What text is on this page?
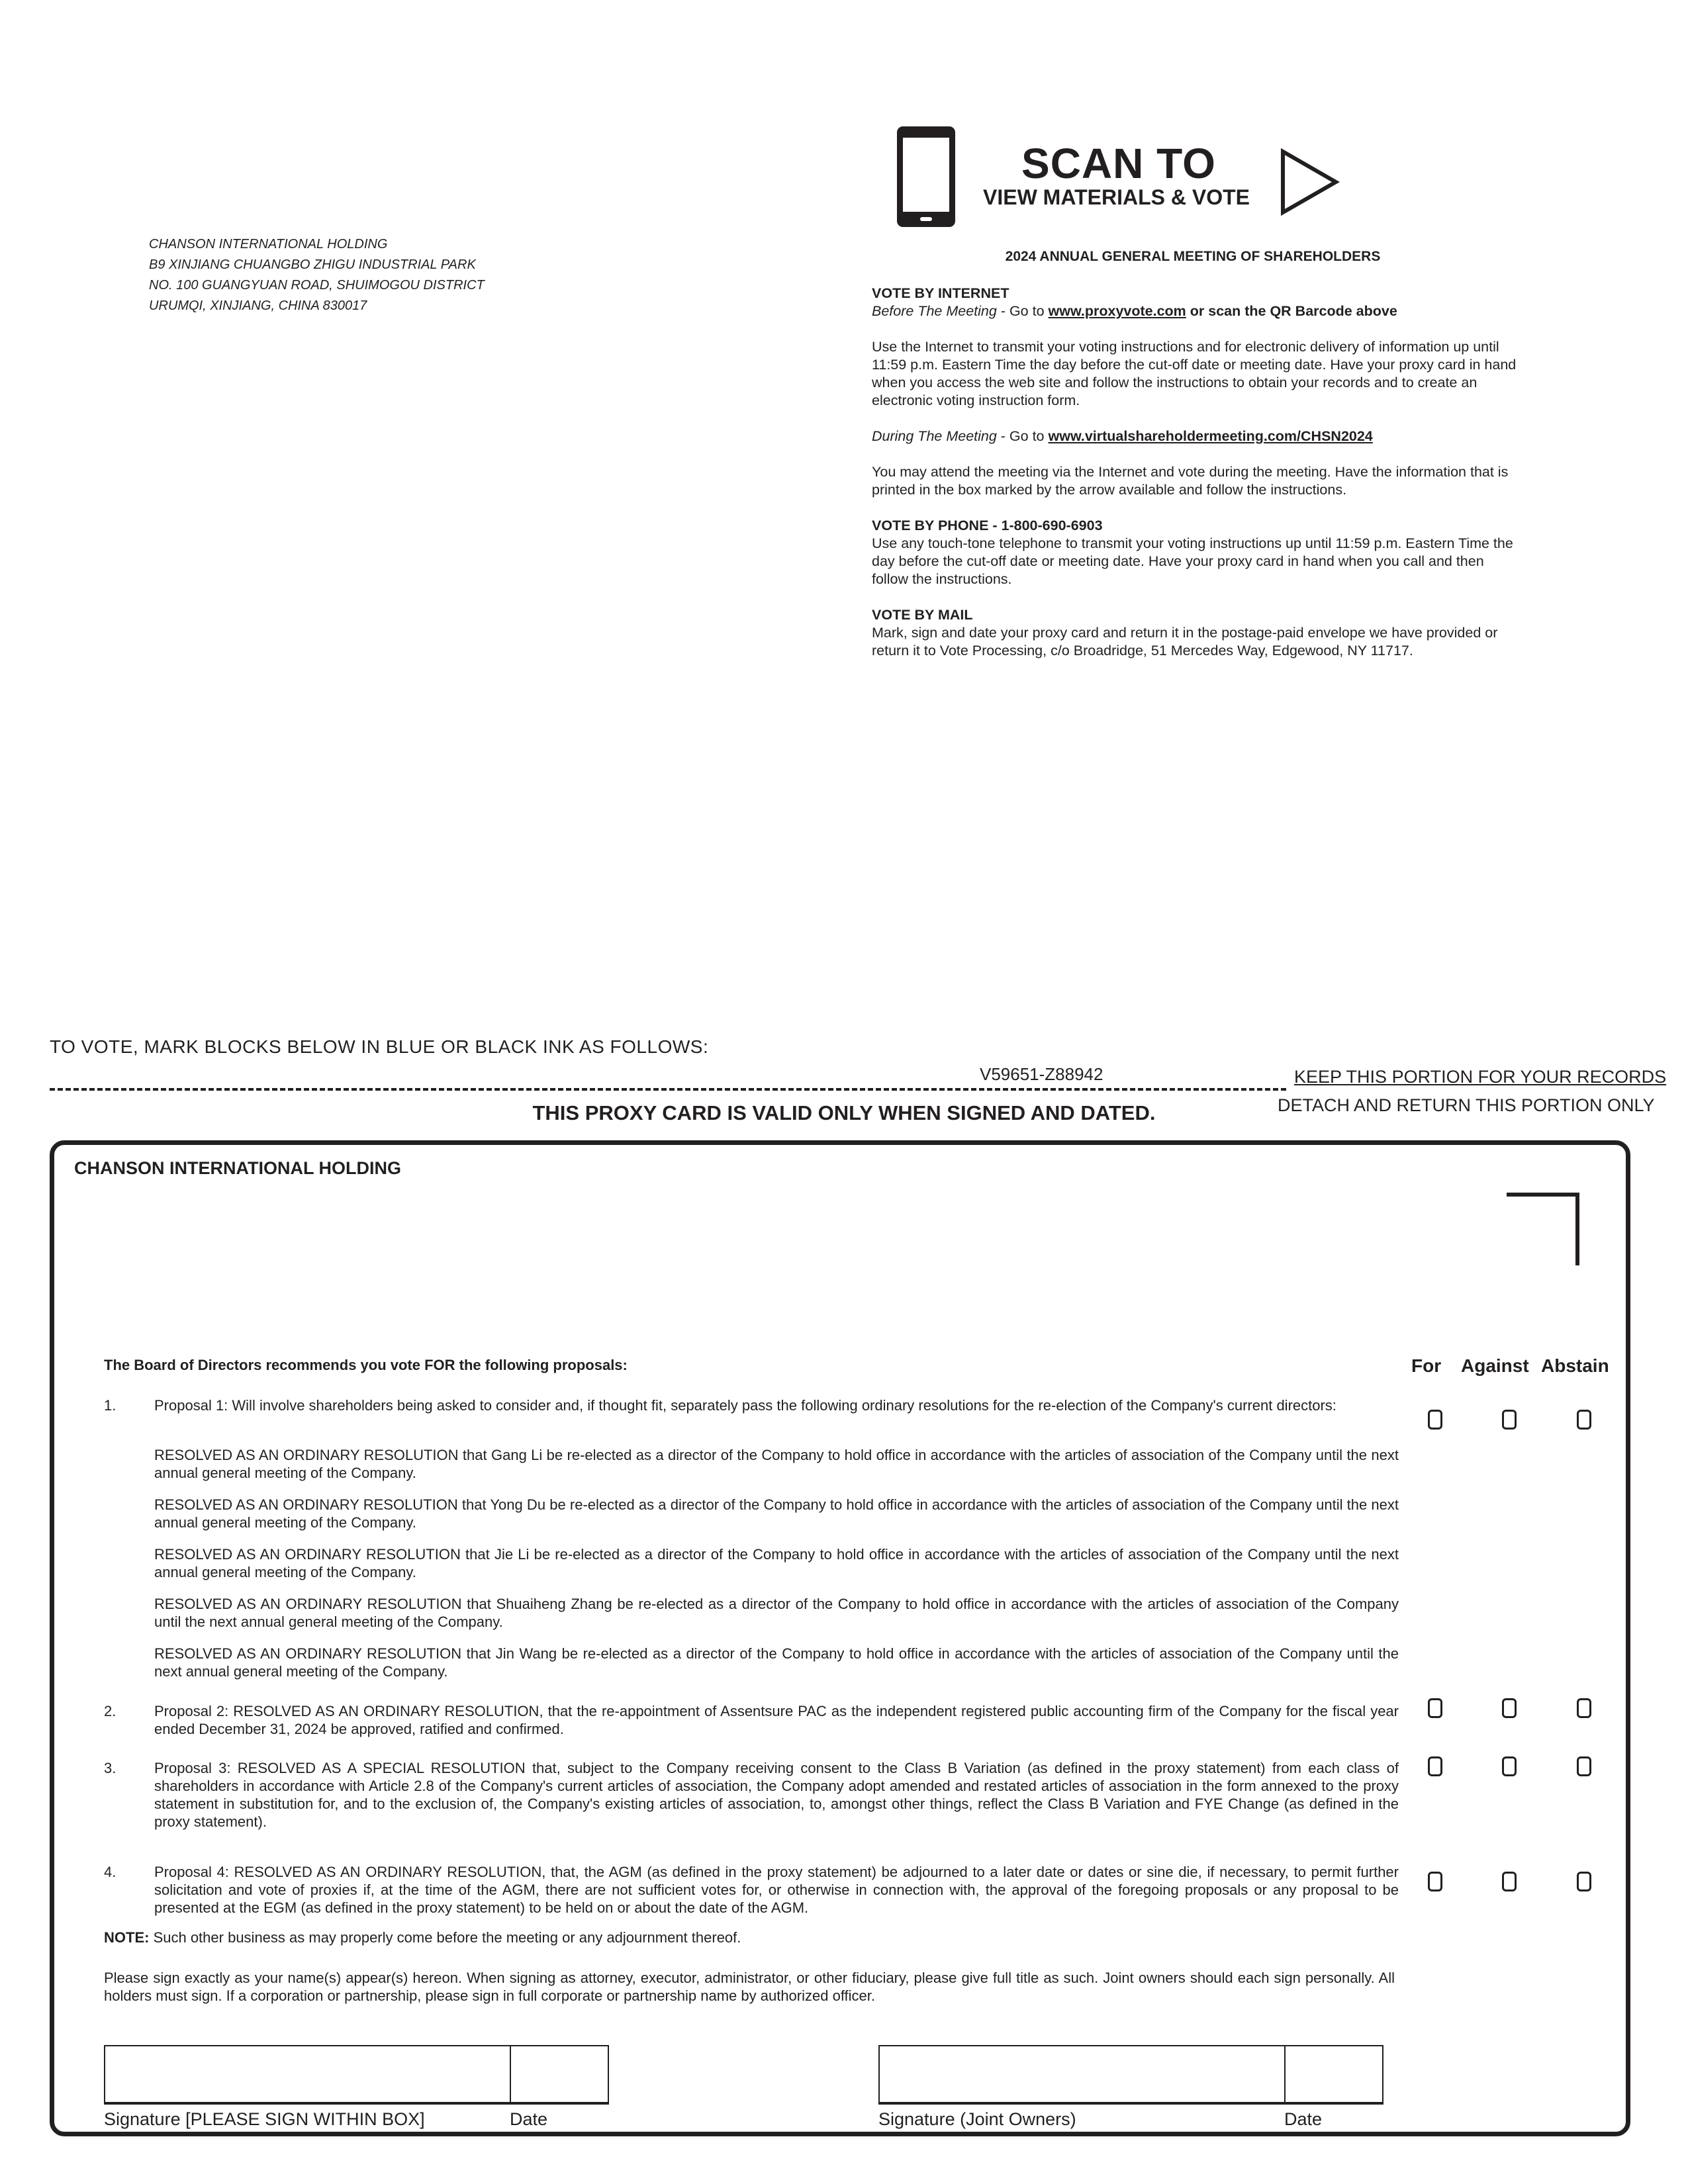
CHANSON INTERNATIONAL HOLDING
B9 XINJIANG CHUANGBO ZHIGU INDUSTRIAL PARK
NO. 100 GUANGYUAN ROAD, SHUIMOGOU DISTRICT
URUMQI, XINJIANG, CHINA 830017
SCAN TO
VIEW MATERIALS & VOTE
2024 ANNUAL GENERAL MEETING OF SHAREHOLDERS
VOTE BY INTERNET

Before The Meeting - Go to www.proxyvote.com or scan the QR Barcode above

Use the Internet to transmit your voting instructions and for electronic delivery of information up until 11:59 p.m. Eastern Time the day before the cut-off date or meeting date. Have your proxy card in hand when you access the web site and follow the instructions to obtain your records and to create an electronic voting instruction form.

During The Meeting - Go to www.virtualshareholdermeeting.com/CHSN2024

You may attend the meeting via the Internet and vote during the meeting. Have the information that is printed in the box marked by the arrow available and follow the instructions.

VOTE BY PHONE - 1-800-690-6903

Use any touch-tone telephone to transmit your voting instructions up until 11:59 p.m. Eastern Time the day before the cut-off date or meeting date. Have your proxy card in hand when you call and then follow the instructions.

VOTE BY MAIL

Mark, sign and date your proxy card and return it in the postage-paid envelope we have provided or return it to Vote Processing, c/o Broadridge, 51 Mercedes Way, Edgewood, NY 11717.

TO VOTE, MARK BLOCKS BELOW IN BLUE OR BLACK INK AS FOLLOWS:
V59651-Z88942	KEEP THIS PORTION FOR YOUR RECORDS
DETACH AND RETURN THIS PORTION ONLY
THIS PROXY CARD IS VALID ONLY WHEN SIGNED AND DATED.
CHANSON INTERNATIONAL HOLDING
The Board of Directors recommends you vote FOR the following proposals:	For Against Abstain
1.	Proposal 1: Will involve shareholders being asked to consider and, if thought fit, separately pass the following ordinary resolutions for the re-election of the Company's current directors:
RESOLVED AS AN ORDINARY RESOLUTION that Gang Li be re-elected as a director of the Company to hold office in accordance with the articles of association of the Company until the next annual general meeting of the Company.
RESOLVED AS AN ORDINARY RESOLUTION that Yong Du be re-elected as a director of the Company to hold office in accordance with the articles of association of the Company until the next annual general meeting of the Company.
RESOLVED AS AN ORDINARY RESOLUTION that Jie Li be re-elected as a director of the Company to hold office in accordance with the articles of association of the Company until the next annual general meeting of the Company.
RESOLVED AS AN ORDINARY RESOLUTION that Shuaiheng Zhang be re-elected as a director of the Company to hold office in accordance with the articles of association of the Company until the next annual general meeting of the Company.
RESOLVED AS AN ORDINARY RESOLUTION that Jin Wang be re-elected as a director of the Company to hold office in accordance with the articles of association of the Company until the next annual general meeting of the Company.
2.	Proposal 2: RESOLVED AS AN ORDINARY RESOLUTION, that the re-appointment of Assentsure PAC as the independent registered public accounting firm of the Company for the fiscal year ended December 31, 2024 be approved, ratified and confirmed.
3.	Proposal 3: RESOLVED AS A SPECIAL RESOLUTION that, subject to the Company receiving consent to the Class B Variation (as defined in the proxy statement) from each class of shareholders in accordance with Article 2.8 of the Company's current articles of association, the Company adopt amended and restated articles of association in the form annexed to the proxy statement in substitution for, and to the exclusion of, the Company's existing articles of association, to, amongst other things, reflect the Class B Variation and FYE Change (as defined in the proxy statement).
4.	Proposal 4: RESOLVED AS AN ORDINARY RESOLUTION, that, the AGM (as defined in the proxy statement) be adjourned to a later date or dates or sine die, if necessary, to permit further solicitation and vote of proxies if, at the time of the AGM, there are not sufficient votes for, or otherwise in connection with, the approval of the foregoing proposals or any proposal to be presented at the EGM (as defined in the proxy statement) to be held on or about the date of the AGM.
NOTE: Such other business as may properly come before the meeting or any adjournment thereof.
Please sign exactly as your name(s) appear(s) hereon. When signing as attorney, executor, administrator, or other fiduciary, please give full title as such. Joint owners should each sign personally. All holders must sign. If a corporation or partnership, please sign in full corporate or partnership name by authorized officer.
Signature [PLEASE SIGN WITHIN BOX]	Date	Signature (Joint Owners)	Date
